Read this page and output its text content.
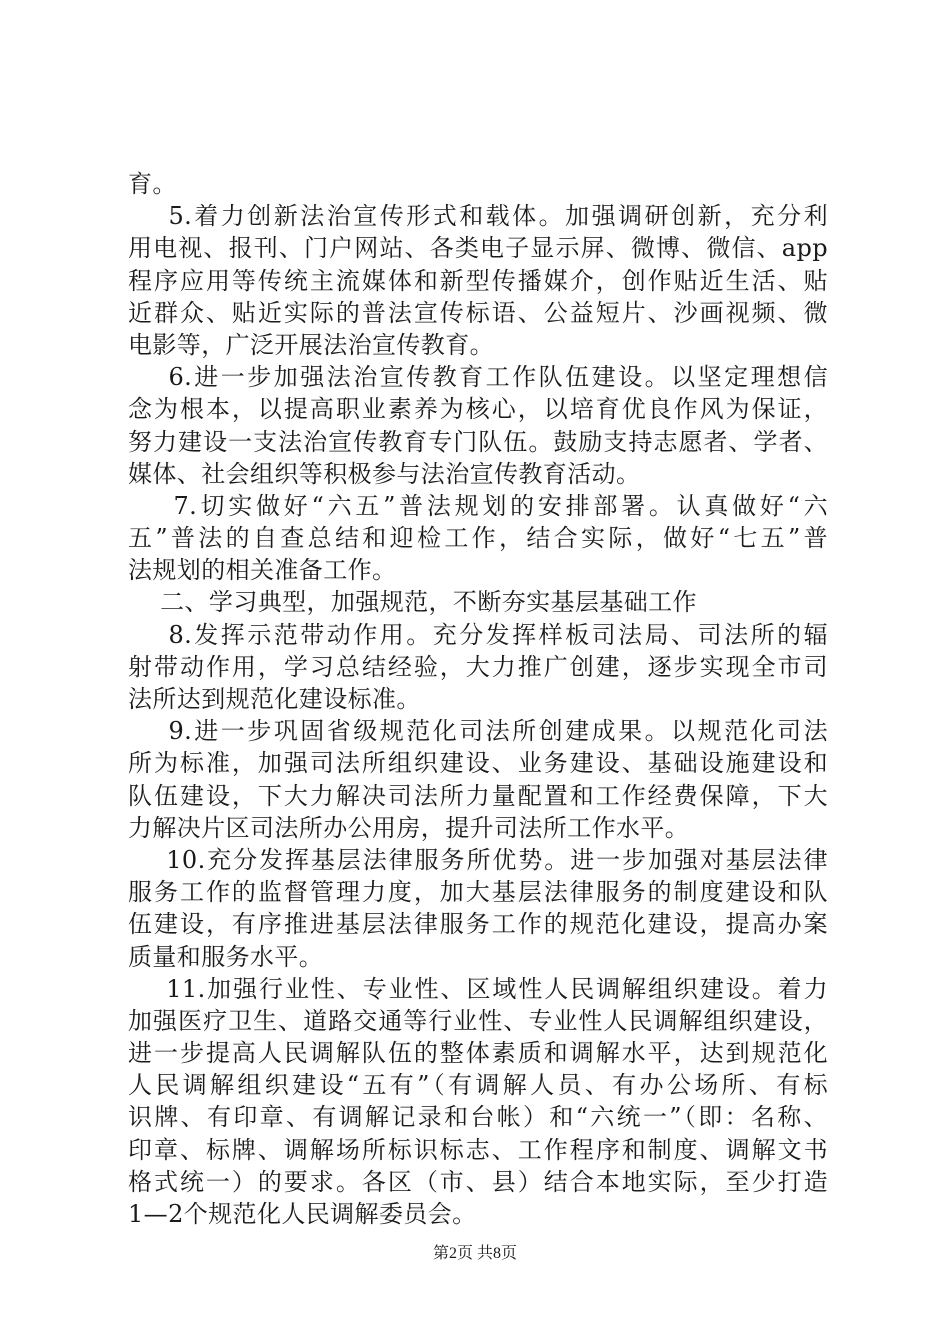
育。
5.着力创新法治宣传形式和载体。加强调研创新，充分利
用电视、报刊、门户网站、各类电子显示屏、微博、微信、app
程序应用等传统主流媒体和新型传播媒介，创作贴近生活、贴
近群众、贴近实际的普法宣传标语、公益短片、沙画视频、微
电影等，广泛开展法治宣传教育。
6.进一步加强法治宣传教育工作队伍建设。以坚定理想信
念为根本，以提高职业素养为核心，以培育优良作风为保证，
努力建设一支法治宣传教育专门队伍。鼓励支持志愿者、学者、
媒体、社会组织等积极参与法治宣传教育活动。
7.切实做好“六五”普法规划的安排部署。认真做好“六
五”普法的自查总结和迎检工作，结合实际，做好“七五”普
法规划的相关准备工作。
二、学习典型，加强规范，不断夯实基层基础工作
8.发挥示范带动作用。充分发挥样板司法局、司法所的辐
射带动作用，学习总结经验，大力推广创建，逐步实现全市司
法所达到规范化建设标准。
9.进一步巩固省级规范化司法所创建成果。以规范化司法
所为标准，加强司法所组织建设、业务建设、基础设施建设和
队伍建设，下大力解决司法所力量配置和工作经费保障，下大
力解决片区司法所办公用房，提升司法所工作水平。
10.充分发挥基层法律服务所优势。进一步加强对基层法律
服务工作的监督管理力度，加大基层法律服务的制度建设和队
伍建设，有序推进基层法律服务工作的规范化建设，提高办案
质量和服务水平。
11.加强行业性、专业性、区域性人民调解组织建设。着力
加强医疗卫生、道路交通等行业性、专业性人民调解组织建设，
进一步提高人民调解队伍的整体素质和调解水平，达到规范化
人民调解组织建设“五有”（有调解人员、有办公场所、有标
识牌、有印章、有调解记录和台帐）和“六统一”（即：名称、
印章、标牌、调解场所标识标志、工作程序和制度、调解文书
格式统一）的要求。各区（市、县）结合本地实际，至少打造
1—2个规范化人民调解委员会。
第2页 共8页
